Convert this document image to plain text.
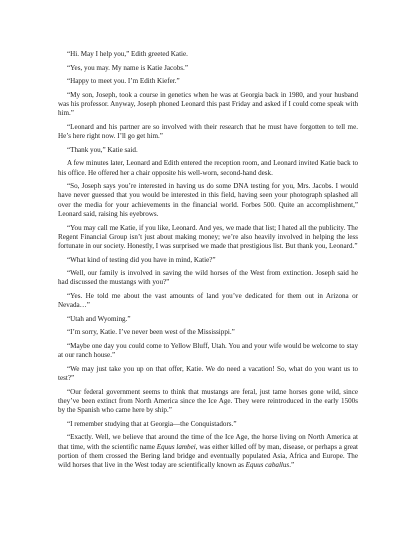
“Hi. May I help you,” Edith greeted Katie.

“Yes, you may. My name is Katie Jacobs.”

“Happy to meet you. I’m Edith Kiefer.”

“My son, Joseph, took a course in genetics when he was at Georgia back in 1980, and your husband was his professor. Anyway, Joseph phoned Leonard this past Friday and asked if I could come speak with him.”

“Leonard and his partner are so involved with their research that he must have forgotten to tell me. He’s here right now. I’ll go get him.”

“Thank you,” Katie said.

A few minutes later, Leonard and Edith entered the reception room, and Leonard invited Katie back to his office. He offered her a chair opposite his well-worn, second-hand desk.

“So, Joseph says you’re interested in having us do some DNA testing for you, Mrs. Jacobs. I would have never guessed that you would be interested in this field, having seen your photograph splashed all over the media for your achievements in the financial world. Forbes 500. Quite an accomplishment,” Leonard said, raising his eyebrows.

“You may call me Katie, if you like, Leonard. And yes, we made that list; I hated all the publicity. The Regent Financial Group isn’t just about making money; we’re also heavily involved in helping the less fortunate in our society. Honestly, I was surprised we made that prestigious list. But thank you, Leonard.”

“What kind of testing did you have in mind, Katie?”

“Well, our family is involved in saving the wild horses of the West from extinction. Joseph said he had discussed the mustangs with you?”

“Yes. He told me about the vast amounts of land you’ve dedicated for them out in Arizona or Nevada…”

“Utah and Wyoming.”

“I’m sorry, Katie. I’ve never been west of the Mississippi.”

“Maybe one day you could come to Yellow Bluff, Utah. You and your wife would be welcome to stay at our ranch house.”

“We may just take you up on that offer, Katie. We do need a vacation! So, what do you want us to test?”

“Our federal government seems to think that mustangs are feral, just tame horses gone wild, since they’ve been extinct from North America since the Ice Age. They were reintroduced in the early 1500s by the Spanish who came here by ship.”

“I remember studying that at Georgia—the Conquistadors.”

“Exactly. Well, we believe that around the time of the Ice Age, the horse living on North America at that time, with the scientific name Equus lambei, was either killed off by man, disease, or perhaps a great portion of them crossed the Bering land bridge and eventually populated Asia, Africa and Europe. The wild horses that live in the West today are scientifically known as Equus caballus.”
